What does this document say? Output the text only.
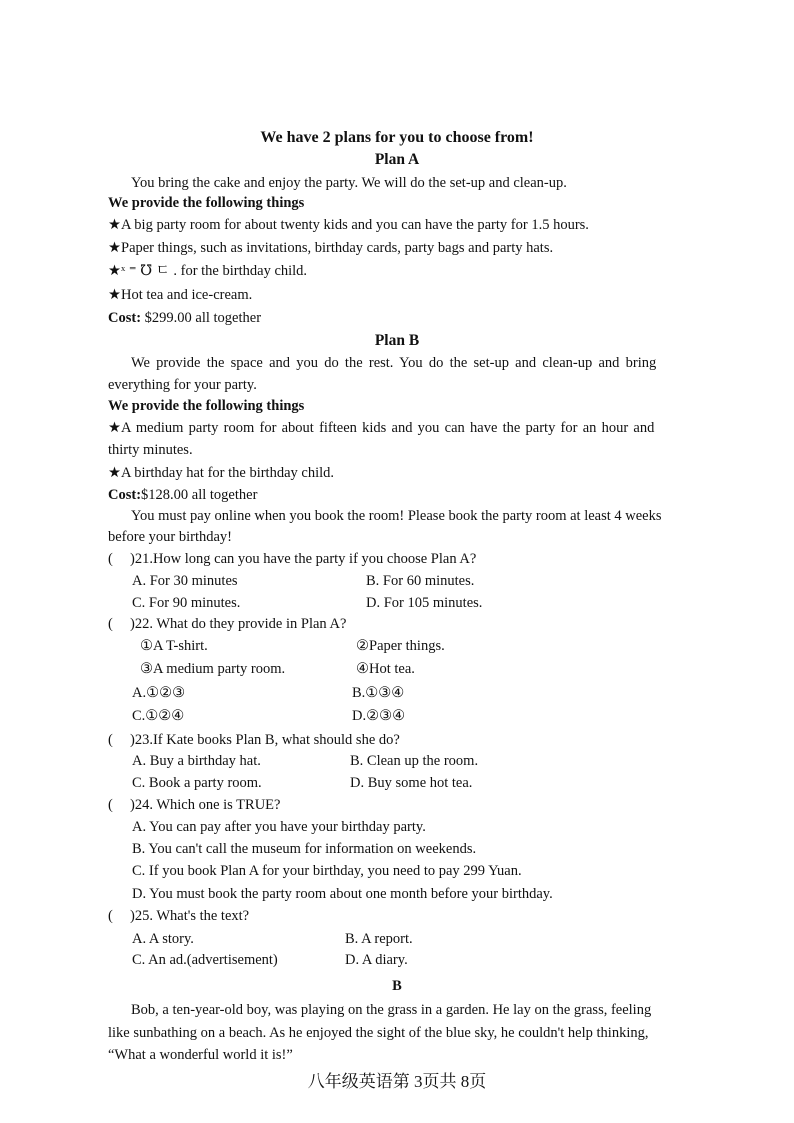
We have 2 plans for you to choose from!
Plan A
You bring the cake and enjoy the party. We will do the set-up and clean-up.
We provide the following things
★A big party room for about twenty kids and you can have the party for 1.5 hours.
★Paper things, such as invitations, birthday cards, party bags and party hats.
★ˣ ⁼ ℧ ㄷ . for the birthday child.
★Hot tea and ice-cream.
Cost: $299.00 all together
Plan B
We provide the space and you do the rest. You do the set-up and clean-up and bring
everything for your party.
We provide the following things
★A medium party room for about fifteen kids and you can have the party for an hour and
thirty minutes.
★A birthday hat for the birthday child.
Cost:$128.00 all together
You must pay online when you book the room! Please book the party room at least 4 weeks
before your birthday!
( )21.How long can you have the party if you choose Plan A?
A. For 30 minutes	B. For 60 minutes.
C. For 90 minutes.	D. For 105 minutes.
( )22. What do they provide in Plan A?
①A T-shirt.	②Paper things.
③A medium party room.	④Hot tea.
A.①②③	B.①③④
C.①②④	D.②③④
( )23.If Kate books Plan B, what should she do?
A. Buy a birthday hat.	B. Clean up the room.
C. Book a party room.	D. Buy some hot tea.
( )24. Which one is TRUE?
A. You can pay after you have your birthday party.
B. You can't call the museum for information on weekends.
C. If you book Plan A for your birthday, you need to pay 299 Yuan.
D. You must book the party room about one month before your birthday.
( )25. What's the text?
A. A story.	B. A report.
C. An ad.(advertisement)	D. A diary.
B
Bob, a ten-year-old boy, was playing on the grass in a garden. He lay on the grass, feeling
like sunbathing on a beach. As he enjoyed the sight of the blue sky, he couldn't help thinking,
“What a wonderful world it is!”
八年级英语第 3页共 8页
